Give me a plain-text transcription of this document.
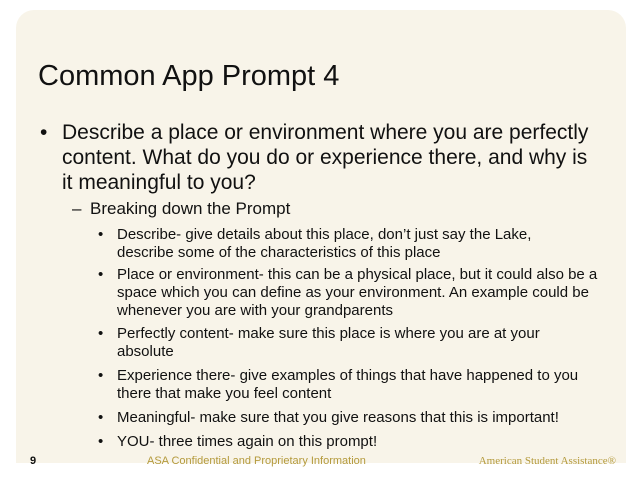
Common App Prompt 4
• Describe a place or environment where you are perfectly content. What do you do or experience there, and why is it meaningful to you?
– Breaking down the Prompt
• Describe- give details about this place, don’t just say the Lake, describe some of the characteristics of this place
• Place or environment- this can be a physical place, but it could also be a space which you can define as your environment. An example could be whenever you are with your grandparents
• Perfectly content- make sure this place is where you are at your absolute
• Experience there- give examples of things that have happened to you there that make you feel content
• Meaningful- make sure that you give reasons that this is important!
• YOU- three times again on this prompt!
9	ASA Confidential and Proprietary Information	American Student Assistance®
